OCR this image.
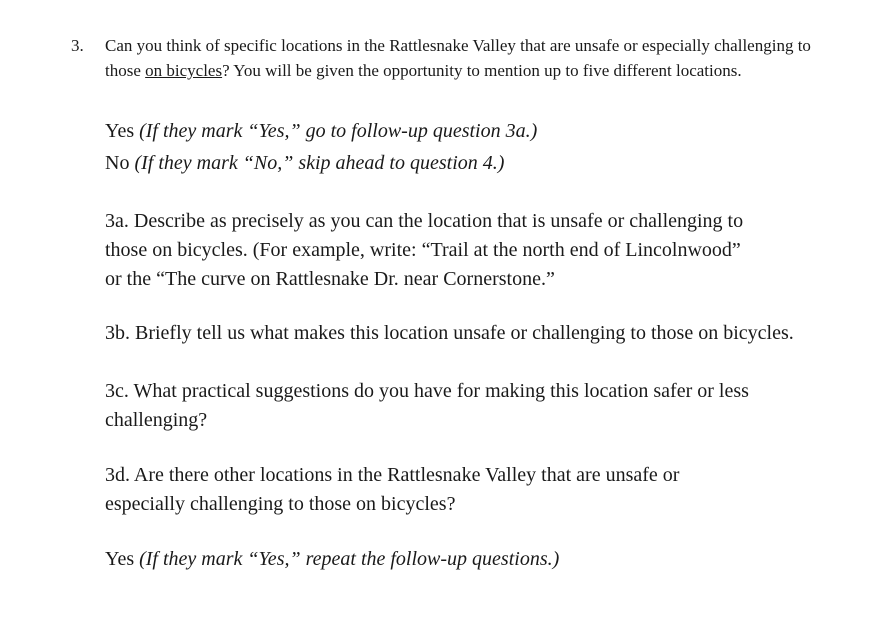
3. Can you think of specific locations in the Rattlesnake Valley that are unsafe or especially challenging to those on bicycles? You will be given the opportunity to mention up to five different locations.
Yes (If they mark “Yes,” go to follow-up question 3a.)
No (If they mark “No,” skip ahead to question 4.)
3a. Describe as precisely as you can the location that is unsafe or challenging to
those on bicycles. (For example, write: “Trail at the north end of Lincolnwood”
or the “The curve on Rattlesnake Dr. near Cornerstone.”
3b. Briefly tell us what makes this location unsafe or challenging to those on bicycles.
3c. What practical suggestions do you have for making this location safer or less
challenging?
3d. Are there other locations in the Rattlesnake Valley that are unsafe or
especially challenging to those on bicycles?
Yes (If they mark “Yes,” repeat the follow-up questions.)
